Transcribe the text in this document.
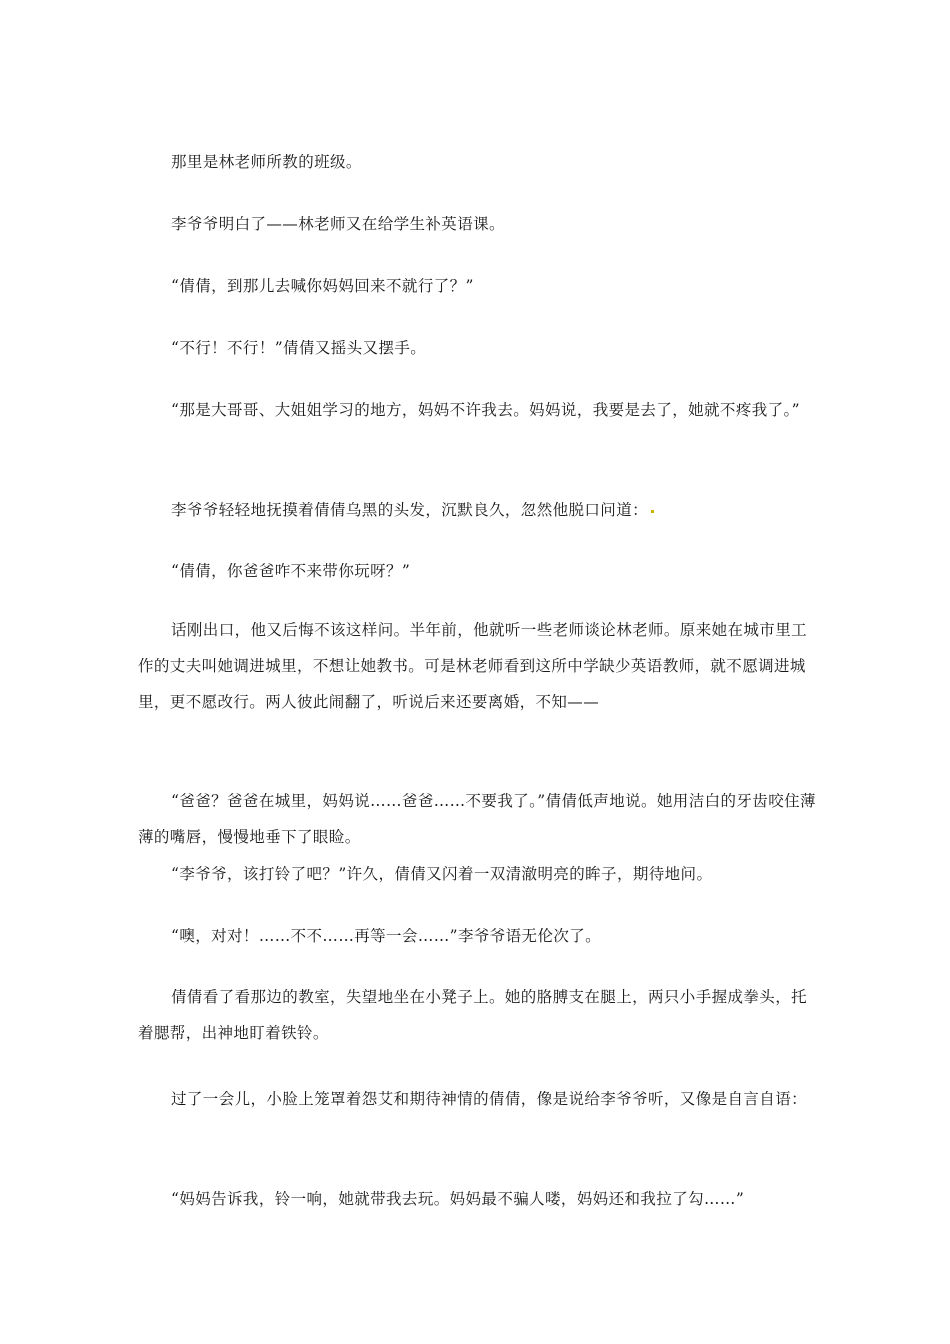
那里是林老师所教的班级。

李爷爷明白了——林老师又在给学生补英语课。

“倩倩，到那儿去喊你妈妈回来不就行了？”

“不行！不行！”倩倩又摇头又摆手。

“那是大哥哥、大姐姐学习的地方，妈妈不许我去。妈妈说，我要是去了，她就不疼我了。”

李爷爷轻轻地抚摸着倩倩乌黑的头发，沉默良久，忽然他脱口问道：

“倩倩，你爸爸咋不来带你玩呀？”

话刚出口，他又后悔不该这样问。半年前，他就听一些老师谈论林老师。原来她在城市里工作的丈夫叫她调进城里，不想让她教书。可是林老师看到这所中学缺少英语教师，就不愿调进城里，更不愿改行。两人彼此闹翻了，听说后来还要离婚，不知——

“爸爸？爸爸在城里，妈妈说……爸爸……不要我了。”倩倩低声地说。她用洁白的牙齿咬住薄薄的嘴唇，慢慢地垂下了眼睑。

“李爷爷，该打铃了吧？”许久，倩倩又闪着一双清澈明亮的眸子，期待地问。

“噢，对对！……不不……再等一会……”李爷爷语无伦次了。

倩倩看了看那边的教室，失望地坐在小凳子上。她的胳膊支在腿上，两只小手握成拳头，托着腮帮，出神地盯着铁铃。

过了一会儿，小脸上笼罩着怨艾和期待神情的倩倩，像是说给李爷爷听，又像是自言自语：

“妈妈告诉我，铃一响，她就带我去玩。妈妈最不骗人喽，妈妈还和我拉了勾……”
